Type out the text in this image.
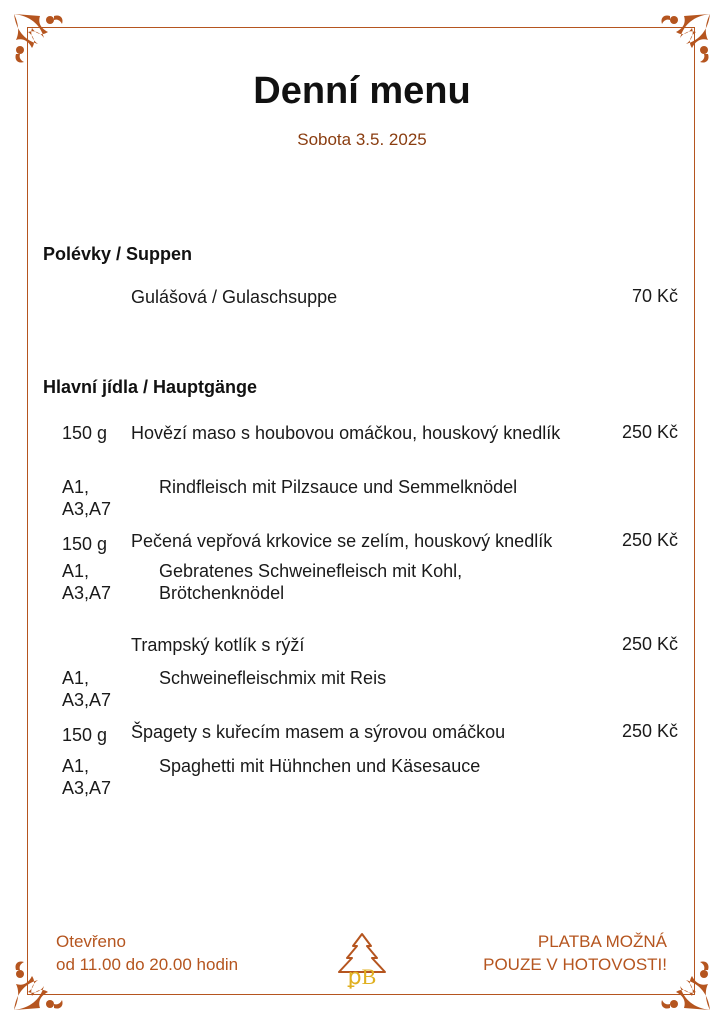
Denní menu
Sobota 3.5. 2025
Polévky / Suppen
Gulášová / Gulaschsuppe	70 Kč
Hlavní jídla / Hauptgänge
150 g Hovězí maso s houbovou omáčkou, houskový knedlík	250 Kč
A1, A3,A7
Rindfleisch mit Pilzsauce und Semmelknödel
150 g Pečená vepřová krkovice se zelím, houskový knedlík	250 Kč
A1, A3,A7
Gebratenes Schweinefleisch mit Kohl, Brötchenknödel
Trampský kotlík s rýží	250 Kč
A1, A3,A7
Schweinefleischmix mit Reis
150 g Špagety s kuřecím masem a sýrovou omáčkou	250 Kč
A1, A3,A7
Spaghetti mit Hühnchen und Käsesauce
Otevřeno
od 11.00 do 20.00 hodin	ꝑB
PLATBA MOŽNÁ
POUZE V HOTOVOSTI!
